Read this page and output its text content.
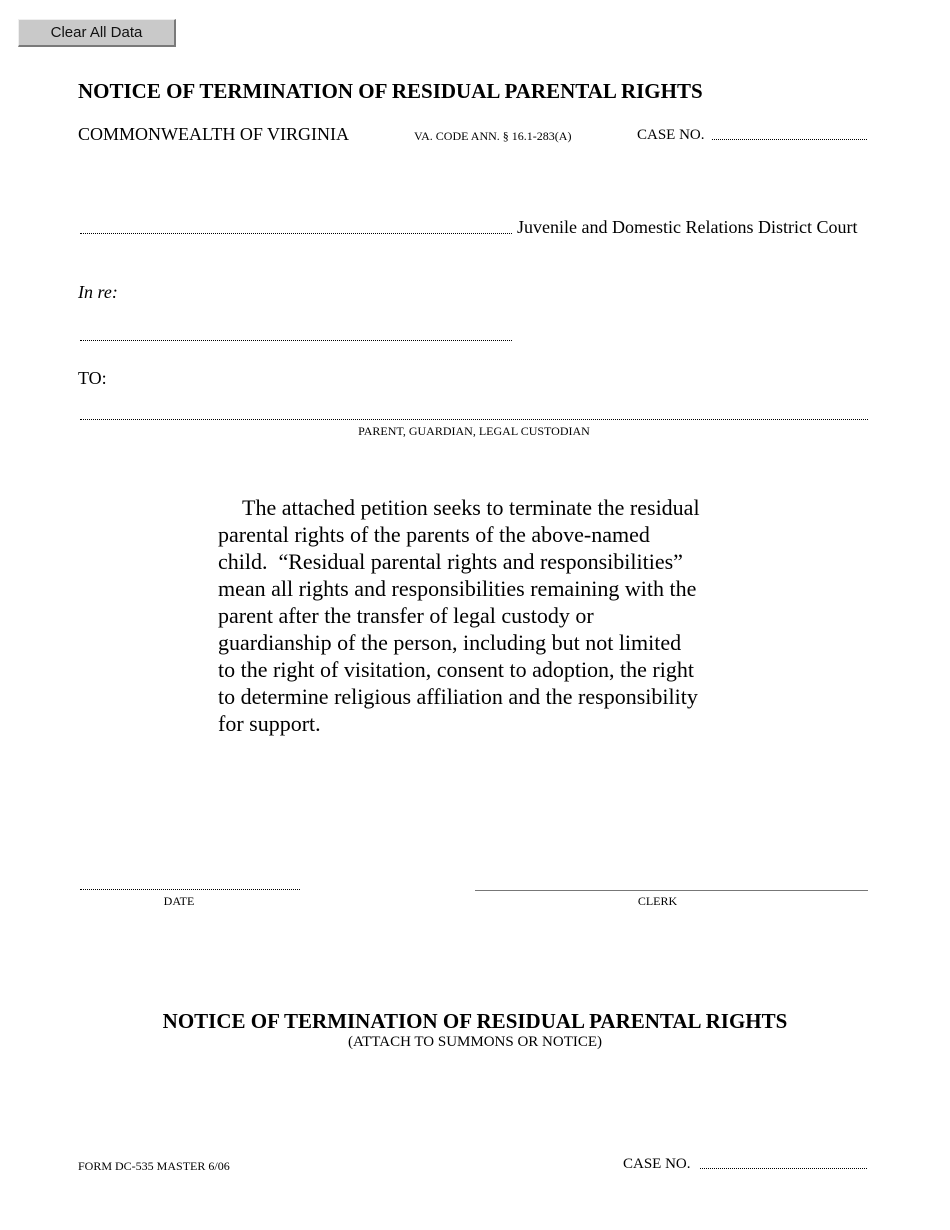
Clear All Data
NOTICE OF TERMINATION OF RESIDUAL PARENTAL RIGHTS
COMMONWEALTH OF VIRGINIA	VA. CODE ANN. § 16.1-283(A)	CASE NO.
Juvenile and Domestic Relations District Court
In re:
TO:
PARENT, GUARDIAN, LEGAL CUSTODIAN
The attached petition seeks to terminate the residual
parental rights of the parents of the above-named
child.  “Residual parental rights and responsibilities”
mean all rights and responsibilities remaining with the
parent after the transfer of legal custody or
guardianship of the person, including but not limited
to the right of visitation, consent to adoption, the right
to determine religious affiliation and the responsibility
for support.
DATE	CLERK
NOTICE OF TERMINATION OF RESIDUAL PARENTAL RIGHTS
(ATTACH TO SUMMONS OR NOTICE)
FORM DC-535 MASTER 6/06	CASE NO.
